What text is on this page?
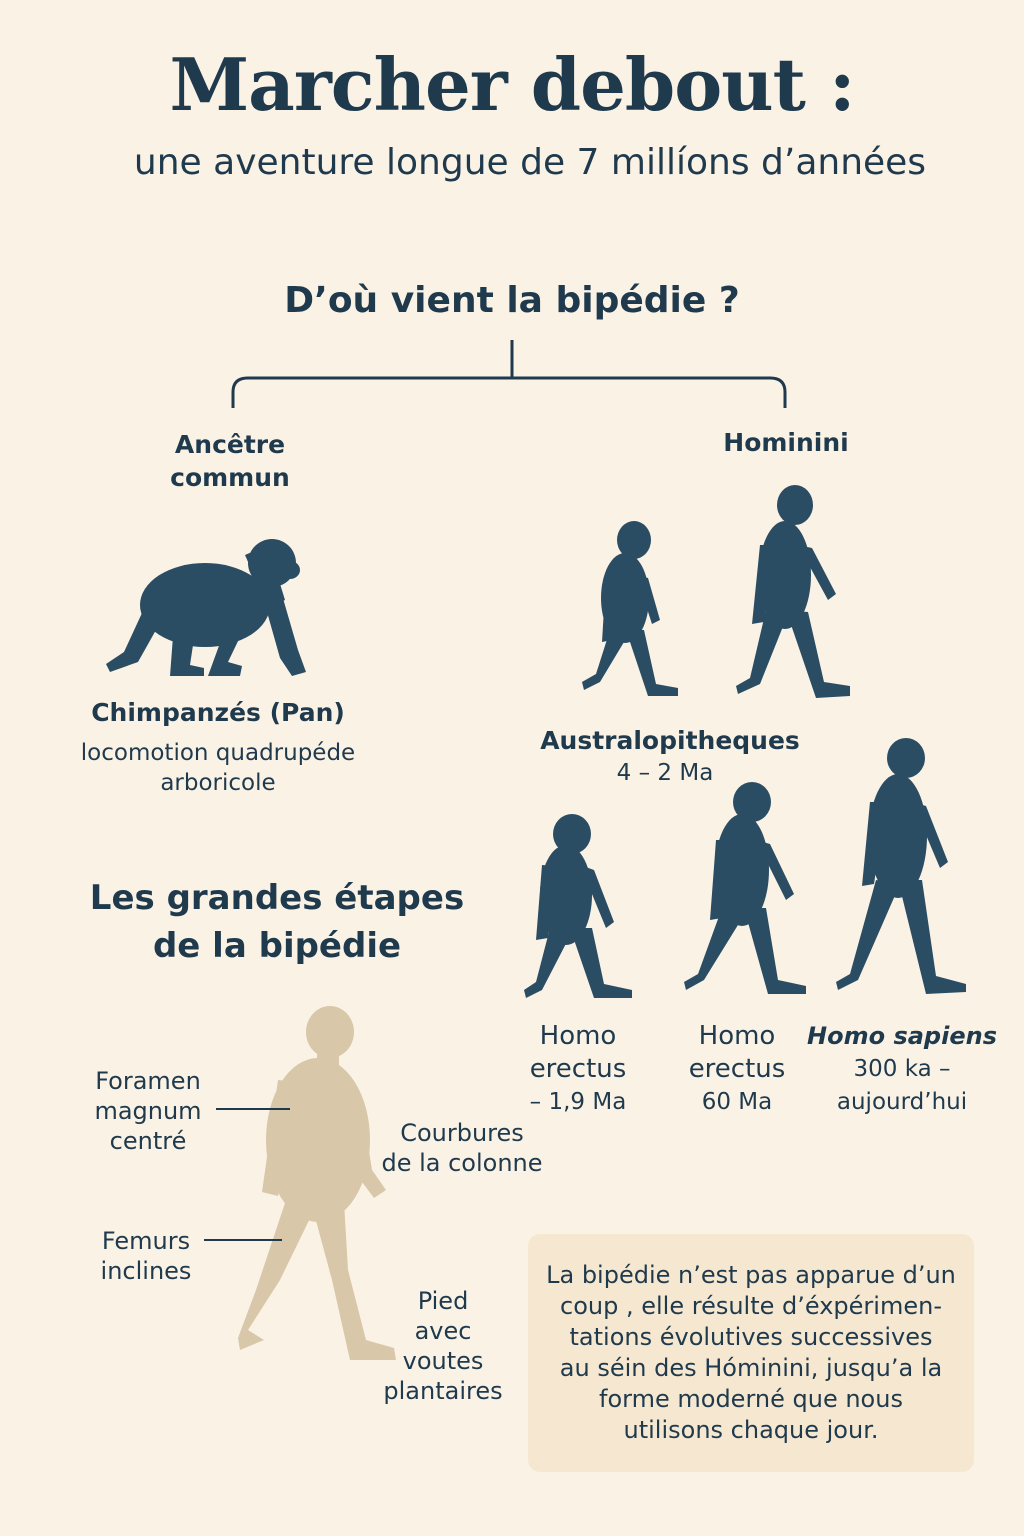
Marcher debout :
une aventure longue de 7 millíons d’années
D’où vient la bipédie ?
Ancêtre
commun
Hominini
Chimpanzés (Pan)
locomotion quadrupéde
arboricole
Australopitheques
4 – 2 Ma
Les grandes étapes
de la bipédie
Homo
erectus
– 1,9 Ma
Homo
erectus
60 Ma
Homo sapiens
300 ka –
aujourd’hui
Foramen
magnum
centré	Courbures
de la colonne
Femurs
inclines
Pied
avec
voutes
plantaires
La bipédie n’est pas apparue d’un
coup , elle résulte d’éxpérimen-
tations évolutives successives
au séin des Hóminini, jusqu’a la
forme moderné que nous
utilisons chaque jour.
